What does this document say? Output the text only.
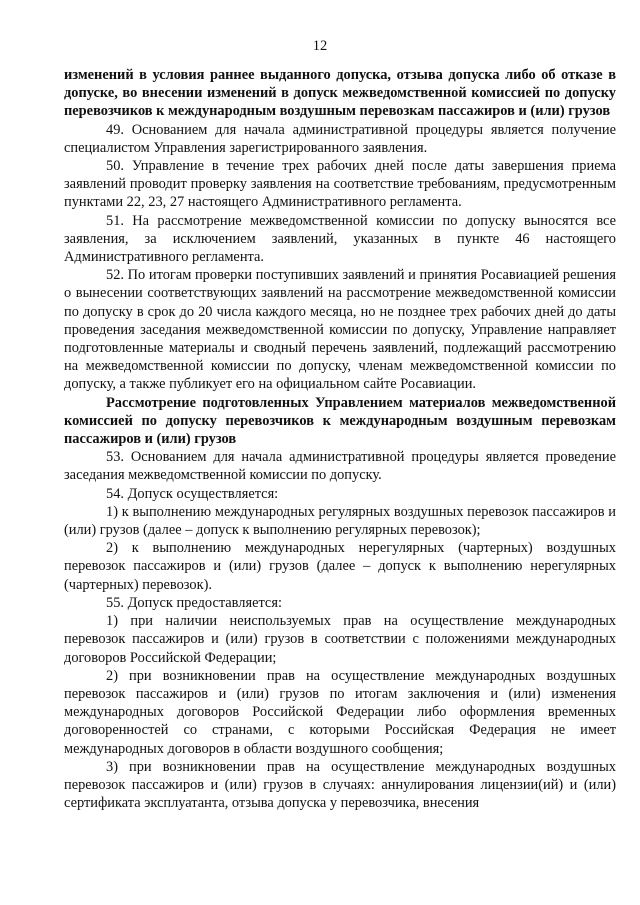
12

изменений в условия раннее выданного допуска, отзыва допуска либо об отказе в допуске, во внесении изменений в допуск межведомственной комиссией по допуску перевозчиков к международным воздушным перевозкам пассажиров и (или) грузов

49. Основанием для начала административной процедуры является получение специалистом Управления зарегистрированного заявления.

50. Управление в течение трех рабочих дней после даты завершения приема заявлений проводит проверку заявления на соответствие требованиям, предусмотренным пунктами 22, 23, 27 настоящего Административного регламента.

51. На рассмотрение межведомственной комиссии по допуску выносятся все заявления, за исключением заявлений, указанных в пункте 46 настоящего Административного регламента.

52. По итогам проверки поступивших заявлений и принятия Росавиацией решения о вынесении соответствующих заявлений на рассмотрение межведомственной комиссии по допуску в срок до 20 числа каждого месяца, но не позднее трех рабочих дней до даты проведения заседания межведомственной комиссии по допуску, Управление направляет подготовленные материалы и сводный перечень заявлений, подлежащий рассмотрению на межведомственной комиссии по допуску, членам межведомственной комиссии по допуску, а также публикует его на официальном сайте Росавиации.

Рассмотрение подготовленных Управлением материалов межведомственной комиссией по допуску перевозчиков к международным воздушным перевозкам пассажиров и (или) грузов

53. Основанием для начала административной процедуры является проведение заседания межведомственной комиссии по допуску.

54. Допуск осуществляется:

1) к выполнению международных регулярных воздушных перевозок пассажиров и (или) грузов (далее – допуск к выполнению регулярных перевозок);

2) к выполнению международных нерегулярных (чартерных) воздушных перевозок пассажиров и (или) грузов (далее – допуск к выполнению нерегулярных (чартерных) перевозок).

55. Допуск предоставляется:

1) при наличии неиспользуемых прав на осуществление международных перевозок пассажиров и (или) грузов в соответствии с положениями международных договоров Российской Федерации;

2) при возникновении прав на осуществление международных воздушных перевозок пассажиров и (или) грузов по итогам заключения и (или) изменения международных договоров Российской Федерации либо оформления временных договоренностей со странами, с которыми Российская Федерация не имеет международных договоров в области воздушного сообщения;

3) при возникновении прав на осуществление международных воздушных перевозок пассажиров и (или) грузов в случаях: аннулирования лицензии(ий) и (или) сертификата эксплуатанта, отзыва допуска у перевозчика, внесения
